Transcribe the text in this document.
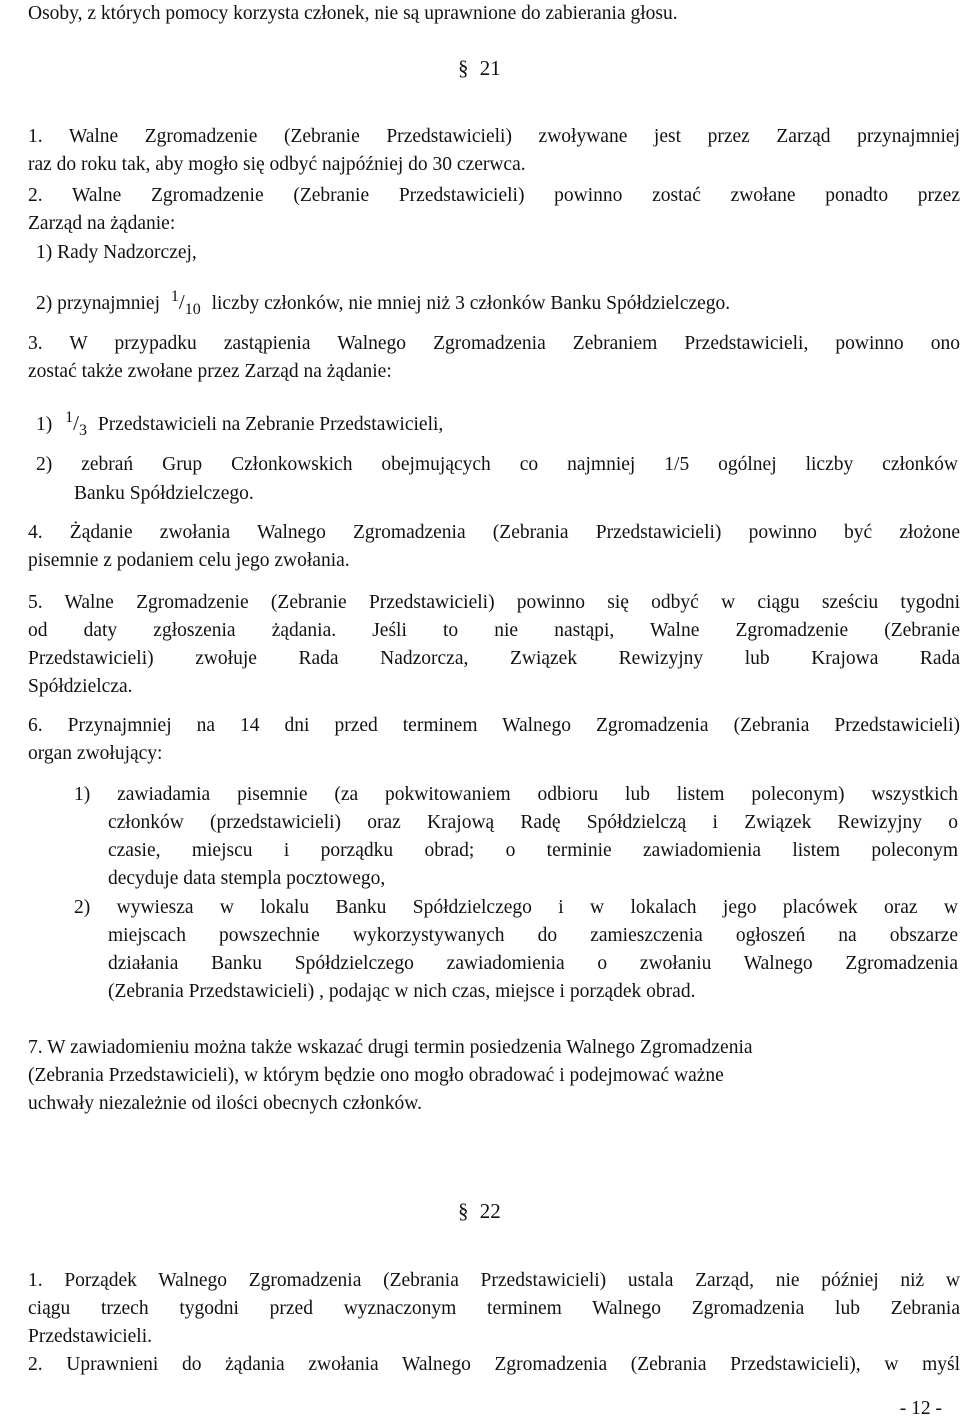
Osoby, z których pomocy korzysta członek, nie są uprawnione do zabierania głosu.
§ 21
1. Walne Zgromadzenie (Zebranie Przedstawicieli) zwoływane jest przez Zarząd przynajmniej
raz do roku tak, aby mogło się odbyć najpóźniej do 30 czerwca.
2. Walne Zgromadzenie (Zebranie Przedstawicieli) powinno zostać zwołane ponadto przez
Zarząd na żądanie:
1) Rady Nadzorczej,
2) przynajmniej $^1/_{10}$ liczby członków, nie mniej niż 3 członków Banku Spółdzielczego.
3. W przypadku zastąpienia Walnego Zgromadzenia Zebraniem Przedstawicieli, powinno ono
zostać także zwołane przez Zarząd na żądanie:
1) $^1/_3$ Przedstawicieli na Zebranie Przedstawicieli,
2) zebrań Grup Członkowskich obejmujących co najmniej 1/5 ogólnej liczby członków
Banku Spółdzielczego.
4. Żądanie zwołania Walnego Zgromadzenia (Zebrania Przedstawicieli) powinno być złożone
pisemnie z podaniem celu jego zwołania.
5. Walne Zgromadzenie (Zebranie Przedstawicieli) powinno się odbyć w ciągu sześciu tygodni
od daty zgłoszenia żądania. Jeśli to nie nastąpi, Walne Zgromadzenie (Zebranie
Przedstawicieli) zwołuje Rada Nadzorcza, Związek Rewizyjny lub Krajowa Rada
Spółdzielcza.
6. Przynajmniej na 14 dni przed terminem Walnego Zgromadzenia (Zebrania Przedstawicieli)
organ zwołujący:
1) zawiadamia pisemnie (za pokwitowaniem odbioru lub listem poleconym) wszystkich
członków (przedstawicieli) oraz Krajową Radę Spółdzielczą i Związek Rewizyjny o
czasie, miejscu i porządku obrad; o terminie zawiadomienia listem poleconym
decyduje data stempla pocztowego,
2) wywiesza w lokalu Banku Spółdzielczego i w lokalach jego placówek oraz w
miejscach powszechnie wykorzystywanych do zamieszczenia ogłoszeń na obszarze
działania Banku Spółdzielczego zawiadomienia o zwołaniu Walnego Zgromadzenia
(Zebrania Przedstawicieli) , podając w nich czas, miejsce i porządek obrad.
7. W zawiadomieniu można także wskazać drugi termin posiedzenia Walnego Zgromadzenia
(Zebrania Przedstawicieli), w którym będzie ono mogło obradować i podejmować ważne
uchwały niezależnie od ilości obecnych członków.
§ 22
1. Porządek Walnego Zgromadzenia (Zebrania Przedstawicieli) ustala Zarząd, nie później niż w
ciągu trzech tygodni przed wyznaczonym terminem Walnego Zgromadzenia lub Zebrania
Przedstawicieli.
2. Uprawnieni do żądania zwołania Walnego Zgromadzenia (Zebrania Przedstawicieli), w myśl
- 12 -
